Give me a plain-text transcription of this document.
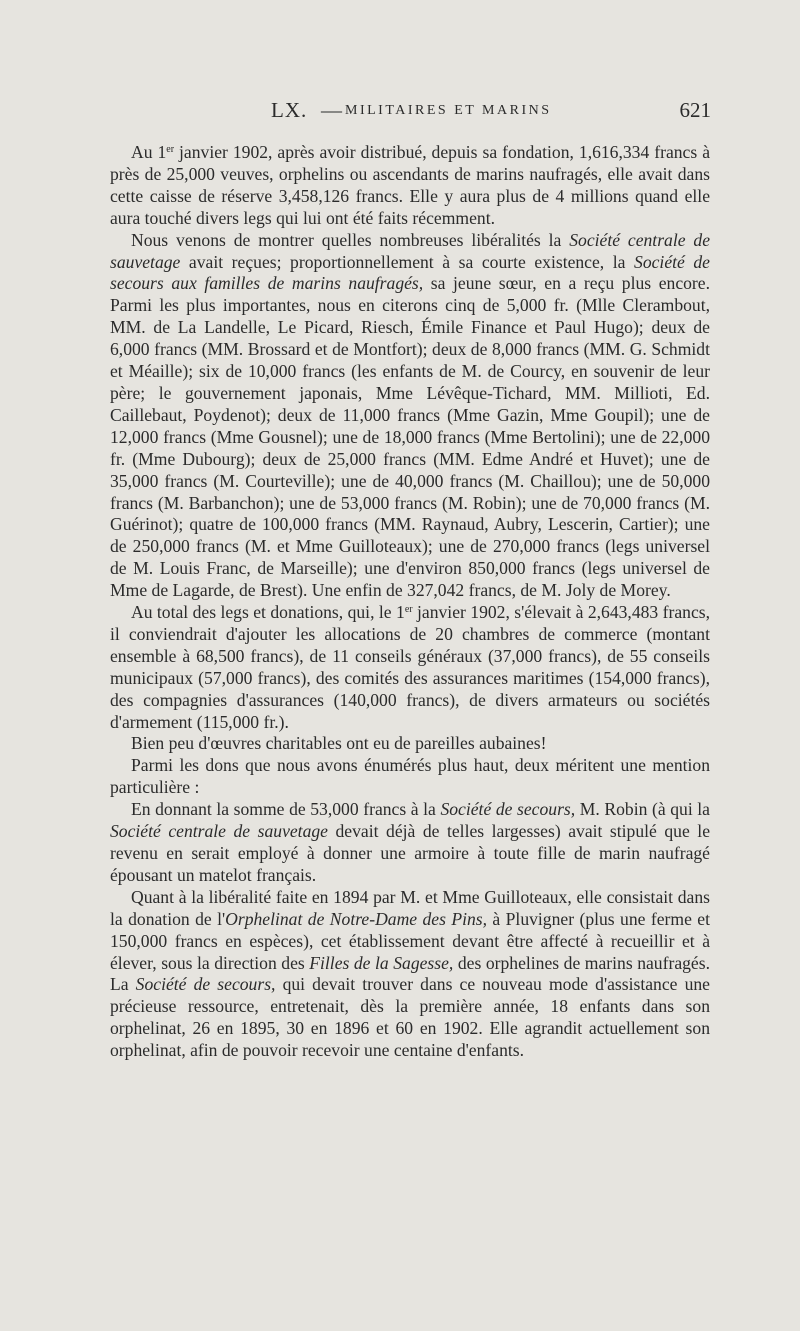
LX. — MILITAIRES ET MARINS	621

Au 1er janvier 1902, après avoir distribué, depuis sa fondation, 1,616,334 francs à près de 25,000 veuves, orphelins ou ascendants de marins naufragés, elle avait dans cette caisse de réserve 3,458,126 francs. Elle y aura plus de 4 millions quand elle aura touché divers legs qui lui ont été faits récemment.

Nous venons de montrer quelles nombreuses libéralités la Société centrale de sauvetage avait reçues; proportionnellement à sa courte existence, la Société de secours aux familles de marins naufragés, sa jeune sœur, en a reçu plus encore. Parmi les plus importantes, nous en citerons cinq de 5,000 fr. (Mlle Clerambout, MM. de La Landelle, Le Picard, Riesch, Émile Finance et Paul Hugo); deux de 6,000 francs (MM. Brossard et de Montfort); deux de 8,000 francs (MM. G. Schmidt et Méaille); six de 10,000 francs (les enfants de M. de Courcy, en souvenir de leur père; le gouvernement japonais, Mme Lévêque-Tichard, MM. Millioti, Ed. Caillebaut, Poydenot); deux de 11,000 francs (Mme Gazin, Mme Goupil); une de 12,000 francs (Mme Gousnel); une de 18,000 francs (Mme Bertolini); une de 22,000 fr. (Mme Dubourg); deux de 25,000 francs (MM. Edme André et Huvet); une de 35,000 francs (M. Courteville); une de 40,000 francs (M. Chaillou); une de 50,000 francs (M. Barbanchon); une de 53,000 francs (M. Robin); une de 70,000 francs (M. Guérinot); quatre de 100,000 francs (MM. Raynaud, Aubry, Lescerin, Cartier); une de 250,000 francs (M. et Mme Guilloteaux); une de 270,000 francs (legs universel de M. Louis Franc, de Marseille); une d'environ 850,000 francs (legs universel de Mme de Lagarde, de Brest). Une enfin de 327,042 francs, de M. Joly de Morey.

Au total des legs et donations, qui, le 1er janvier 1902, s'élevait à 2,643,483 francs, il conviendrait d'ajouter les allocations de 20 chambres de commerce (montant ensemble à 68,500 francs), de 11 conseils généraux (37,000 francs), de 55 conseils municipaux (57,000 francs), des comités des assurances maritimes (154,000 francs), des compagnies d'assurances (140,000 francs), de divers armateurs ou sociétés d'armement (115,000 fr.).

Bien peu d'œuvres charitables ont eu de pareilles aubaines!

Parmi les dons que nous avons énumérés plus haut, deux méritent une mention particulière :

En donnant la somme de 53,000 francs à la Société de secours, M. Robin (à qui la Société centrale de sauvetage devait déjà de telles largesses) avait stipulé que le revenu en serait employé à donner une armoire à toute fille de marin naufragé épousant un matelot français.

Quant à la libéralité faite en 1894 par M. et Mme Guilloteaux, elle consistait dans la donation de l'Orphelinat de Notre-Dame des Pins, à Pluvigner (plus une ferme et 150,000 francs en espèces), cet établissement devant être affecté à recueillir et à élever, sous la direction des Filles de la Sagesse, des orphelines de marins naufragés. La Société de secours, qui devait trouver dans ce nouveau mode d'assistance une précieuse ressource, entretenait, dès la première année, 18 enfants dans son orphelinat, 26 en 1895, 30 en 1896 et 60 en 1902. Elle agrandit actuellement son orphelinat, afin de pouvoir recevoir une centaine d'enfants.
